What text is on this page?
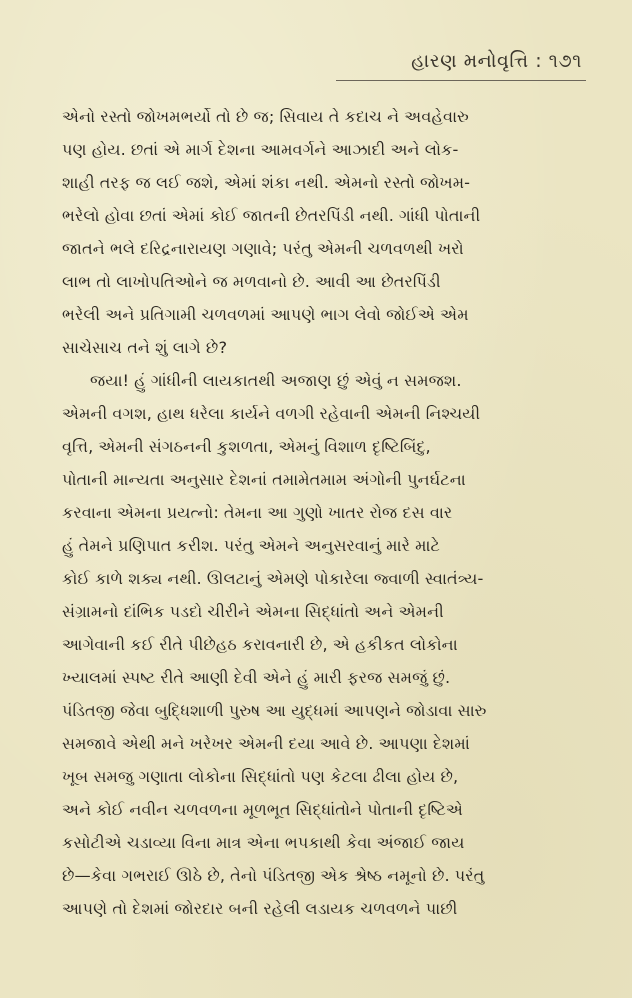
હારણ મનોવૃત્તિ : ૧૭૧
એનો રસ્તો જોખમભર્યો તો છે જ; સિવાય તે કદાચ ને અવહેવારુ
પણ હોય. છતાં એ માર્ગ દેશના આમવર્ગને આઝાદી અને લોક-
શાહી તરફ જ લઈ જશે, એમાં શંકા નથી. એમનો રસ્તો જોખમ-
ભરેલો હોવા છતાં એમાં કોઈ જાતની છેતરપિંડી નથી. ગાંધી પોતાની
જાતને ભલે દરિદ્રનારાયણ ગણાવે; પરંતુ એમની ચળવળથી ખરો
લાભ તો લાખોપતિઓને જ મળવાનો છે. આવી આ છેતરપિંડી
ભરેલી અને પ્રતિગામી ચળવળમાં આપણે ભાગ લેવો જોઈએ એમ
સાચેસાચ તને શું લાગે છે?
જયા! હું ગાંધીની લાયકાતથી અજાણ છું એવું ન સમજશ.
એમની વગશ, હાથ ધરેલા કાર્યને વળગી રહેવાની એમની નિશ્ચયી
વૃત્તિ, એમની સંગઠનની કુશળતા, એમનું વિશાળ દૃષ્ટિબિંદુ,
પોતાની માન્યતા અનુસાર દેશનાં તમામેતમામ અંગોની પુનર્ઘટના
કરવાના એમના પ્રયત્નો: તેમના આ ગુણો ખાતર રોજ દસ વાર
હું તેમને પ્રણિપાત કરીશ. પરંતુ એમને અનુસરવાનું મારે માટે
કોઈ કાળે શક્ય નથી. ઊલટાનું એમણે પોકારેલા જ્વાળી સ્વાતંત્ર્ય-
સંગ્રામનો દાંભિક પડદો ચીરીને એમના સિદ્ધાંતો અને એમની
આગેવાની કઈ રીતે પીછેહઠ કરાવનારી છે, એ હકીકત લોકોના
ખ્યાલમાં સ્પષ્ટ રીતે આણી દેવી એને હું મારી ફરજ સમજું છું.
પંડિતજી જેવા બુદ્ધિશાળી પુરુષ આ યુદ્ધમાં આપણને જોડાવા સારુ
સમજાવે એથી મને ખરેખર એમની દયા આવે છે. આપણા દેશમાં
ખૂબ સમજુ ગણાતા લોકોના સિદ્ધાંતો પણ કેટલા ઢીલા હોય છે,
અને કોઈ નવીન ચળવળના મૂળભૂત સિદ્ધાંતોને પોતાની દૃષ્ટિએ
કસોટીએ ચડાવ્યા વિના માત્ર એના ભપકાથી કેવા અંજાઈ જાય
છે—કેવા ગભરાઈ ઊઠે છે, તેનો પંડિતજી એક શ્રેષ્ઠ નમૂનો છે. પરંતુ
આપણે તો દેશમાં જોરદાર બની રહેલી લડાયક ચળવળને પાછી
